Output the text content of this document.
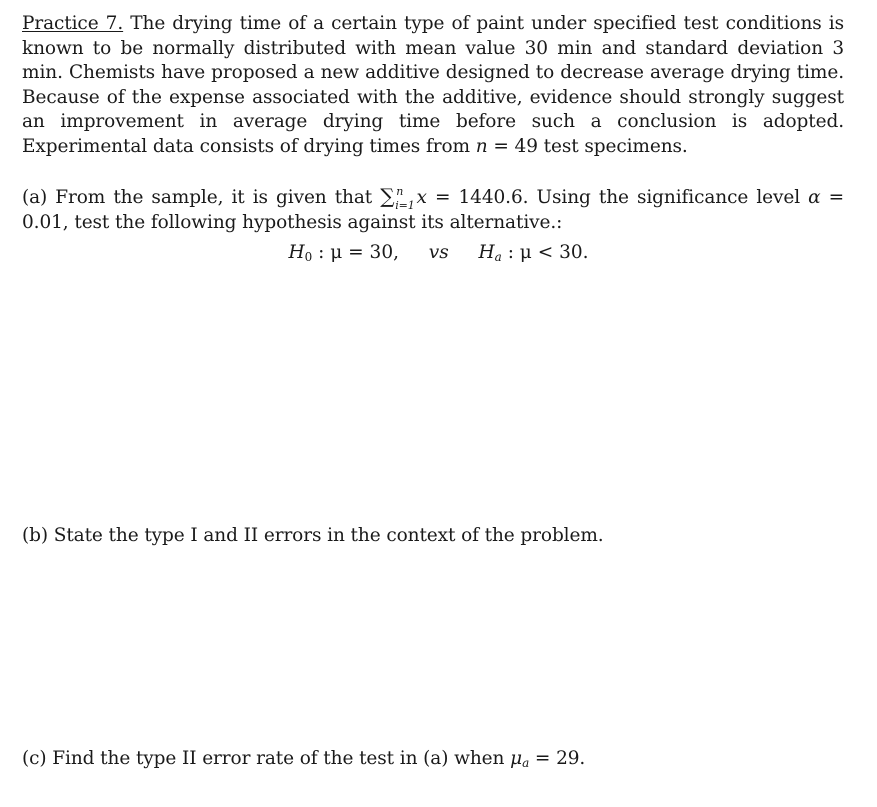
Practice 7. The drying time of a certain type of paint under specified test conditions is known to be normally distributed with mean value 30 min and standard deviation 3 min. Chemists have proposed a new additive designed to decrease average drying time. Because of the expense associated with the additive, evidence should strongly suggest an improvement in average drying time before such a conclusion is adopted. Experimental data consists of drying times from n = 49 test specimens.
(a) From the sample, it is given that ∑ n
i=1 x = 1440.6. Using the significance level α = 0.01, test the following hypothesis against its alternative.:
$H_0$ : μ = 30, vs $H_a$ : μ < 30.
(b) State the type I and II errors in the context of the problem.
(c) Find the type II error rate of the test in (a) when μa = 29.
